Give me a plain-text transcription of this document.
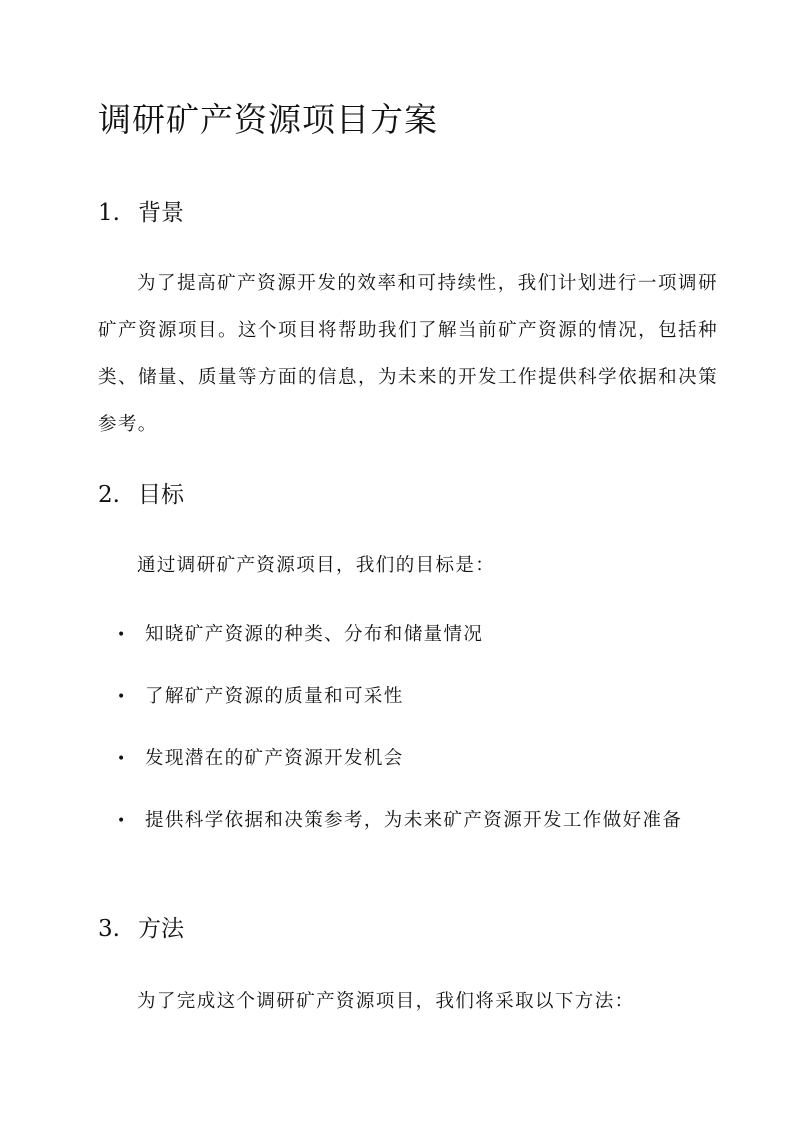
调研矿产资源项目方案
1. 背景

为了提高矿产资源开发的效率和可持续性，我们计划进行一项调研矿产资源项目。这个项目将帮助我们了解当前矿产资源的情况，包括种类、储量、质量等方面的信息，为未来的开发工作提供科学依据和决策参考。

2. 目标

通过调研矿产资源项目，我们的目标是：

• 知晓矿产资源的种类、分布和储量情况
• 了解矿产资源的质量和可采性
• 发现潜在的矿产资源开发机会
• 提供科学依据和决策参考，为未来矿产资源开发工作做好准备
3. 方法

为了完成这个调研矿产资源项目，我们将采取以下方法：
